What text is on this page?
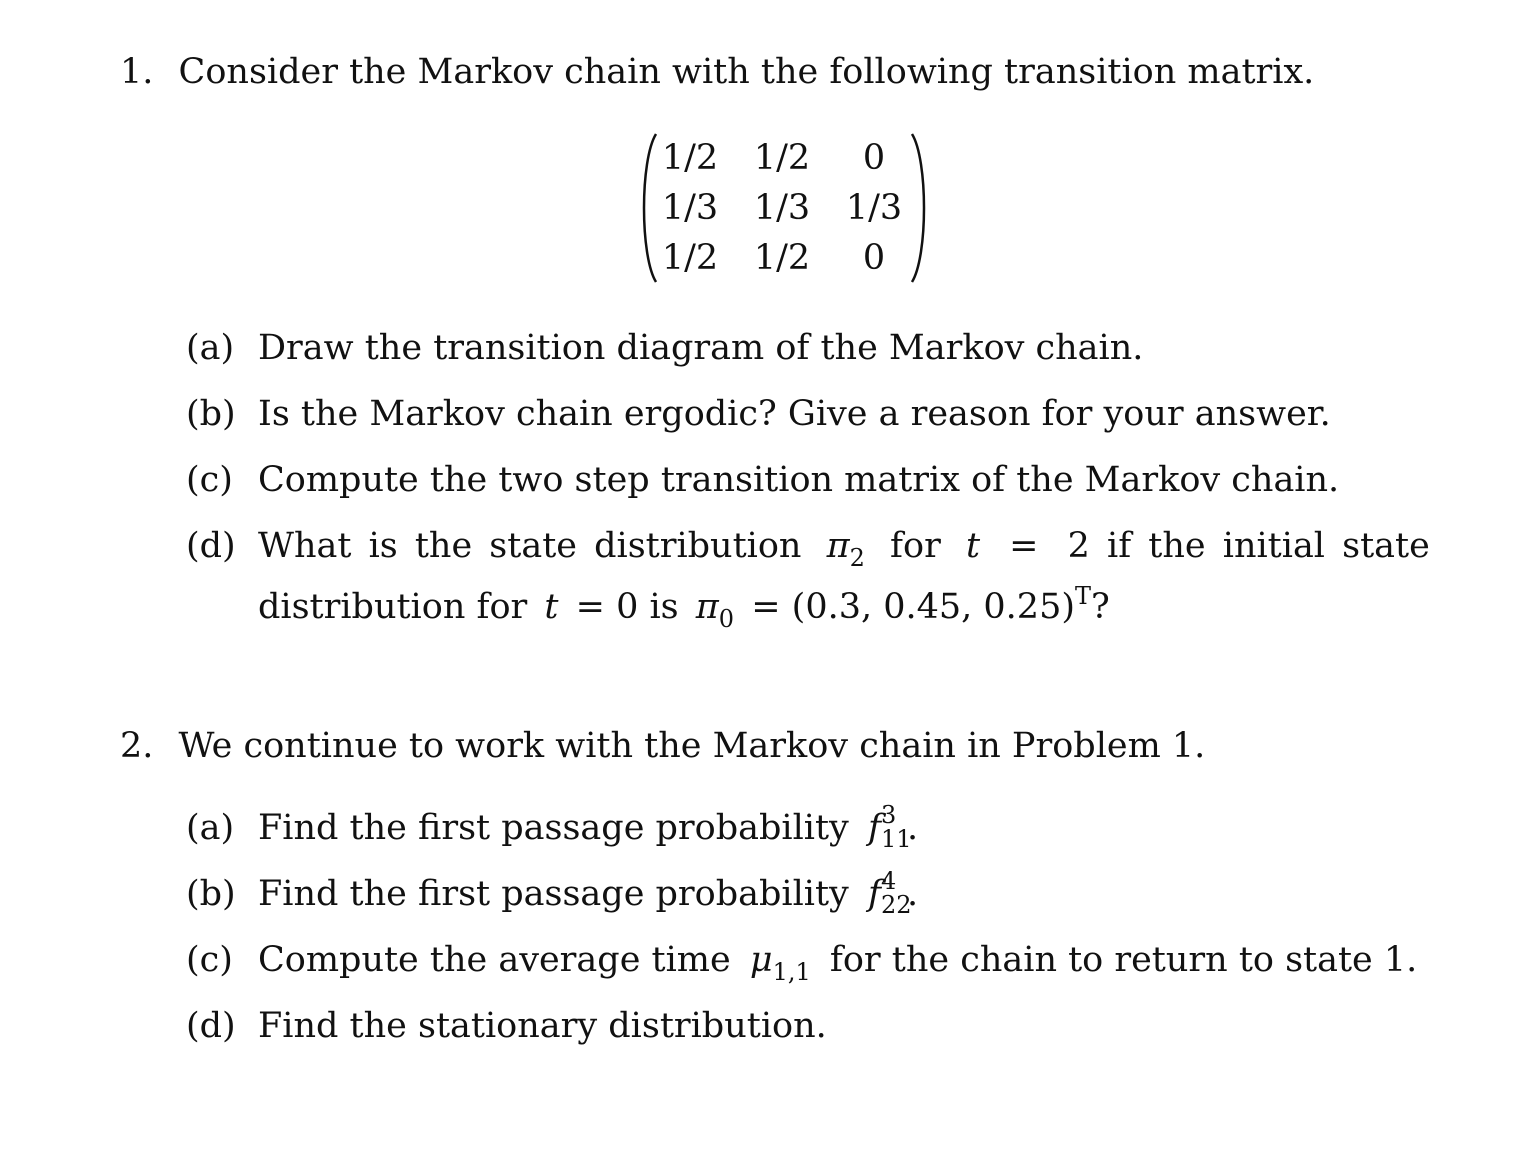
1. Consider the Markov chain with the following transition matrix.
1/2	1/2	0
1/3	1/3	1/3
1/2	1/2	0
(a) Draw the transition diagram of the Markov chain.
(b) Is the Markov chain ergodic? Give a reason for your answer.
(c) Compute the two step transition matrix of the Markov chain.
(d) What is the state distribution $\pi_2$ for t = 2 if the initial state
distribution for t = 0 is $\pi_0 = (0.3$, 0.45, 0.25)$^T$?
2. We continue to work with the Markov chain in Problem 1.
(a) Find the first passage probability f 3
11
.
(b) Find the first passage probability f 4
22
.
(c) Compute the average time $\mu_{1,1}$ for the chain to return to state 1.
(d) Find the stationary distribution.
